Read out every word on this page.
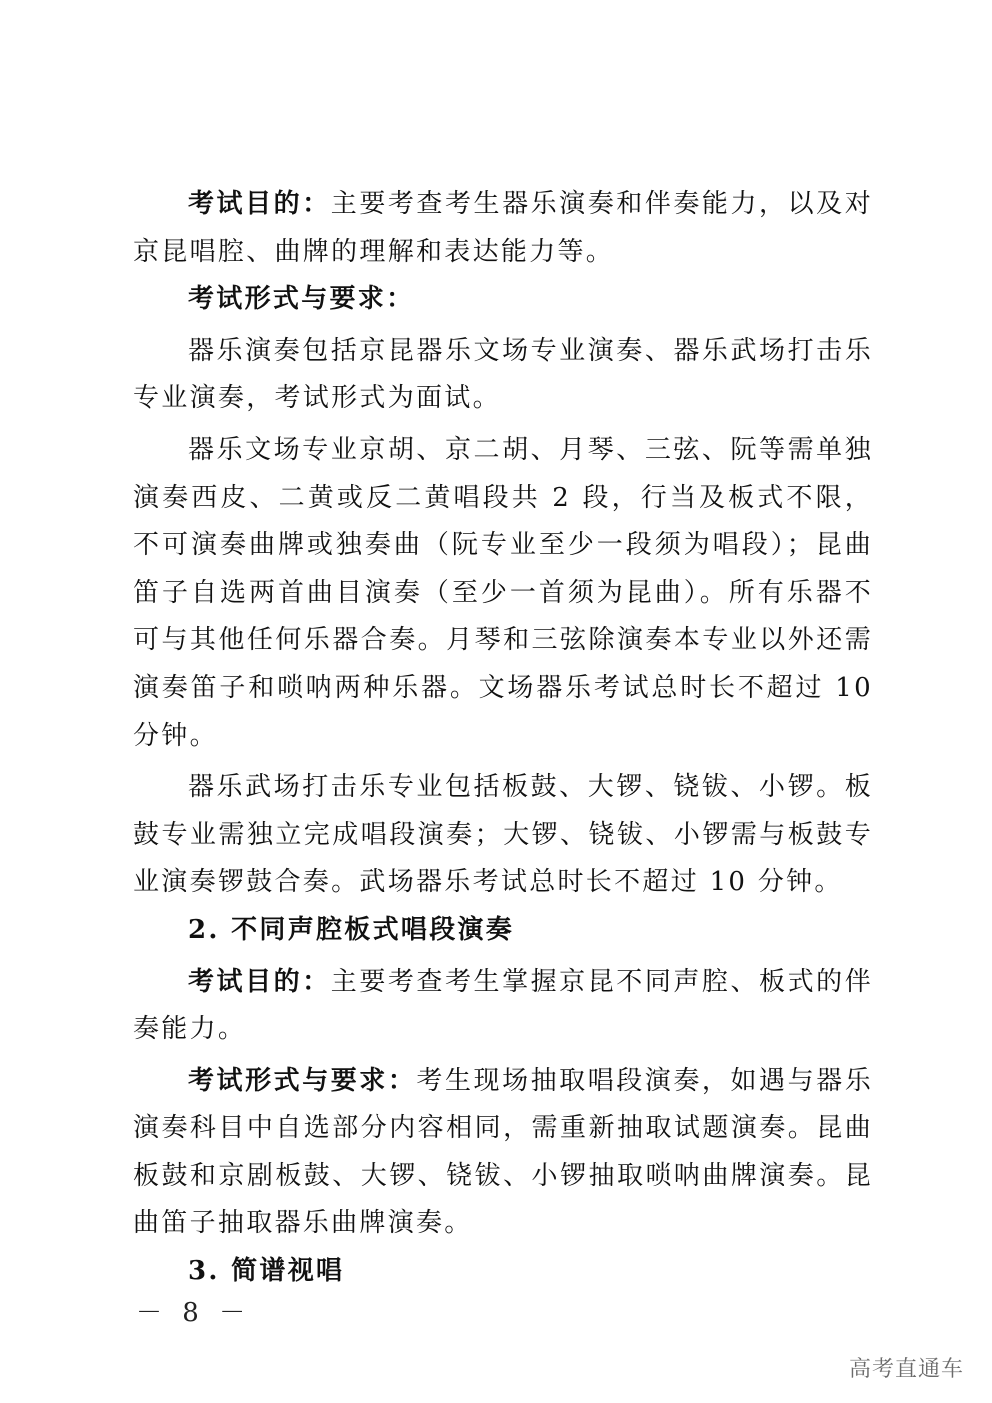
考试目的：主要考查考生器乐演奏和伴奏能力，以及对京昆唱腔、曲牌的理解和表达能力等。

考试形式与要求：

器乐演奏包括京昆器乐文场专业演奏、器乐武场打击乐专业演奏，考试形式为面试。

器乐文场专业京胡、京二胡、月琴、三弦、阮等需单独演奏西皮、二黄或反二黄唱段共 2 段，行当及板式不限，不可演奏曲牌或独奏曲（阮专业至少一段须为唱段）；昆曲笛子自选两首曲目演奏（至少一首须为昆曲）。所有乐器不可与其他任何乐器合奏。月琴和三弦除演奏本专业以外还需演奏笛子和唢呐两种乐器。文场器乐考试总时长不超过 10 分钟。

器乐武场打击乐专业包括板鼓、大锣、铙钹、小锣。板鼓专业需独立完成唱段演奏；大锣、铙钹、小锣需与板鼓专业演奏锣鼓合奏。武场器乐考试总时长不超过 10 分钟。

2. 不同声腔板式唱段演奏

考试目的：主要考查考生掌握京昆不同声腔、板式的伴奏能力。

考试形式与要求：考生现场抽取唱段演奏，如遇与器乐演奏科目中自选部分内容相同，需重新抽取试题演奏。昆曲板鼓和京剧板鼓、大锣、铙钹、小锣抽取唢呐曲牌演奏。昆曲笛子抽取器乐曲牌演奏。

3. 简谱视唱

－ 8 －
高考直通车
